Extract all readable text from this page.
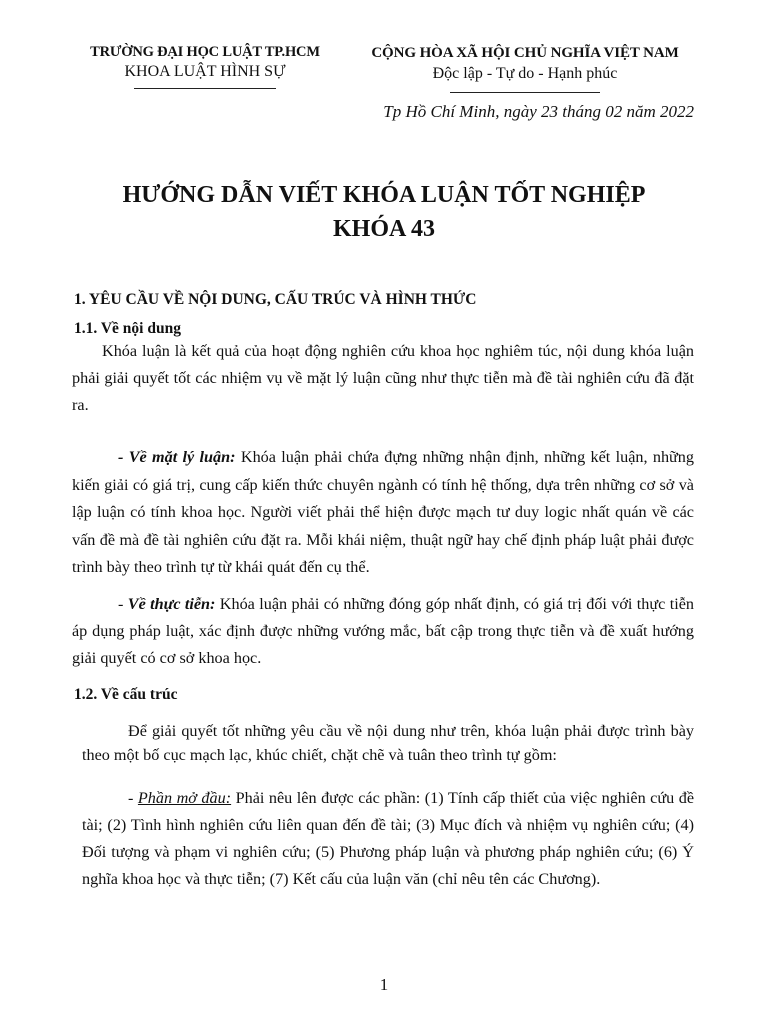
TRƯỜNG ĐẠI HỌC LUẬT TP.HCM
KHOA LUẬT HÌNH SỰ
CỘNG HÒA XÃ HỘI CHỦ NGHĨA VIỆT NAM
Độc lập - Tự do - Hạnh phúc
Tp Hồ Chí Minh, ngày 23 tháng 02 năm 2022
HƯỚNG DẪN VIẾT KHÓA LUẬN TỐT NGHIỆP
KHÓA 43
1. YÊU CẦU VỀ NỘI DUNG, CẤU TRÚC VÀ HÌNH THỨC
1.1. Về nội dung

Khóa luận là kết quả của hoạt động nghiên cứu khoa học nghiêm túc, nội dung khóa luận phải giải quyết tốt các nhiệm vụ về mặt lý luận cũng như thực tiễn mà đề tài nghiên cứu đã đặt ra.

- Về mặt lý luận: Khóa luận phải chứa đựng những nhận định, những kết luận, những kiến giải có giá trị, cung cấp kiến thức chuyên ngành có tính hệ thống, dựa trên những cơ sở và lập luận có tính khoa học. Người viết phải thể hiện được mạch tư duy logic nhất quán về các vấn đề mà đề tài nghiên cứu đặt ra. Mỗi khái niệm, thuật ngữ hay chế định pháp luật phải được trình bày theo trình tự từ khái quát đến cụ thể.

- Về thực tiễn: Khóa luận phải có những đóng góp nhất định, có giá trị đối với thực tiễn áp dụng pháp luật, xác định được những vướng mắc, bất cập trong thực tiễn và đề xuất hướng giải quyết có cơ sở khoa học.

1.2. Về cấu trúc

Để giải quyết tốt những yêu cầu về nội dung như trên, khóa luận phải được trình bày theo một bố cục mạch lạc, khúc chiết, chặt chẽ và tuân theo trình tự gồm:

- Phần mở đầu: Phải nêu lên được các phần: (1) Tính cấp thiết của việc nghiên cứu đề tài; (2) Tình hình nghiên cứu liên quan đến đề tài; (3) Mục đích và nhiệm vụ nghiên cứu; (4) Đối tượng và phạm vi nghiên cứu; (5) Phương pháp luận và phương pháp nghiên cứu; (6) Ý nghĩa khoa học và thực tiễn; (7) Kết cấu của luận văn (chỉ nêu tên các Chương).

1
